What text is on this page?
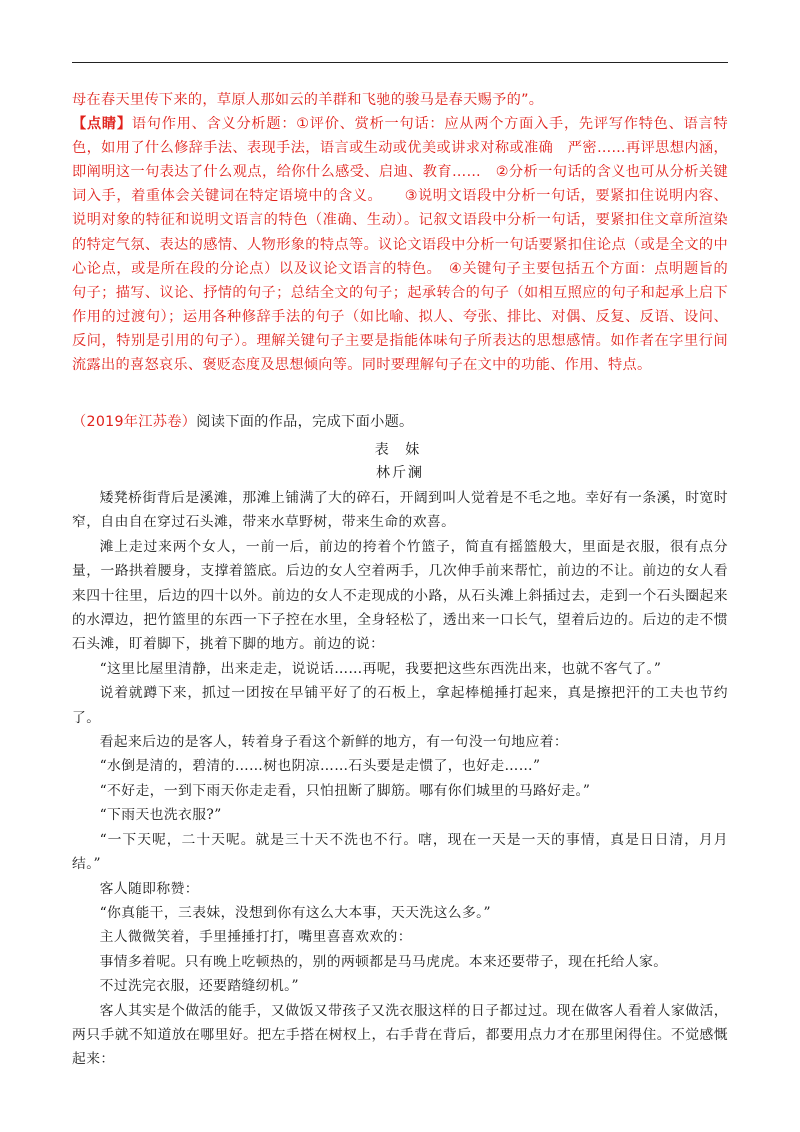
母在春天里传下来的，草原人那如云的羊群和飞驰的骏马是春天赐予的”。

【点睛】语句作用、含义分析题：①评价、赏析一句话：应从两个方面入手，先评写作特色、语言特色，如用了什么修辞手法、表现手法，语言或生动或优美或讲求对称或准确　严密……再评思想内涵，即阐明这一句表达了什么观点，给你什么感受、启迪、教育……　②分析一句话的含义也可从分析关键词入手，着重体会关键词在特定语境中的含义。　　③说明文语段中分析一句话，要紧扣住说明内容、说明对象的特征和说明文语言的特色（准确、生动）。记叙文语段中分析一句话，要紧扣住文章所渲染的特定气氛、表达的感情、人物形象的特点等。议论文语段中分析一句话要紧扣住论点（或是全文的中心论点，或是所在段的分论点）以及议论文语言的特色。　④关键句子主要包括五个方面：点明题旨的句子；描写、议论、抒情的句子；总结全文的句子；起承转合的句子（如相互照应的句子和起承上启下作用的过渡句）；运用各种修辞手法的句子（如比喻、拟人、夸张、排比、对偶、反复、反语、设问、反问，特别是引用的句子）。理解关键句子主要是指能体味句子所表达的思想感情。如作者在字里行间流露出的喜怒哀乐、褒贬态度及思想倾向等。同时要理解句子在文中的功能、作用、特点。

（2019年江苏卷）阅读下面的作品，完成下面小题。
表 妹
林斤澜

矮凳桥街背后是溪滩，那滩上铺满了大的碎石，开阔到叫人觉着是不毛之地。幸好有一条溪，时宽时窄，自由自在穿过石头滩，带来水草野树，带来生命的欢喜。

滩上走过来两个女人，一前一后，前边的挎着个竹篮子，简直有摇篮般大，里面是衣服，很有点分量，一路拱着腰身，支撑着篮底。后边的女人空着两手，几次伸手前来帮忙，前边的不让。前边的女人看来四十往里，后边的四十以外。前边的女人不走现成的小路，从石头滩上斜插过去，走到一个石头圈起来的水潭边，把竹篮里的东西一下子控在水里，全身轻松了，透出来一口长气，望着后边的。后边的走不惯石头滩，盯着脚下，挑着下脚的地方。前边的说：

“这里比屋里清静，出来走走，说说话……再呢，我要把这些东西洗出来，也就不客气了。”

说着就蹲下来，抓过一团按在早铺平好了的石板上，拿起棒槌捶打起来，真是擦把汗的工夫也节约了。

看起来后边的是客人，转着身子看这个新鲜的地方，有一句没一句地应着：

“水倒是清的，碧清的……树也阴凉……石头要是走惯了，也好走……”

“不好走，一到下雨天你走走看，只怕扭断了脚筋。哪有你们城里的马路好走。”

“下雨天也洗衣服?”

“一下天呢，二十天呢。就是三十天不洗也不行。嗐，现在一天是一天的事情，真是日日清，月月结。”

客人随即称赞：

“你真能干，三表妹，没想到你有这么大本事，天天洗这么多。”

主人微微笑着，手里捶捶打打，嘴里喜喜欢欢的：

事情多着呢。只有晚上吃顿热的，别的两顿都是马马虎虎。本来还要带子，现在托给人家。

不过洗完衣服，还要踏缝纫机。”

客人其实是个做活的能手，又做饭又带孩子又洗衣服这样的日子都过过。现在做客人看着人家做活，两只手就不知道放在哪里好。把左手搭在树杈上，右手背在背后，都要用点力才在那里闲得住。不觉感慨起来：
